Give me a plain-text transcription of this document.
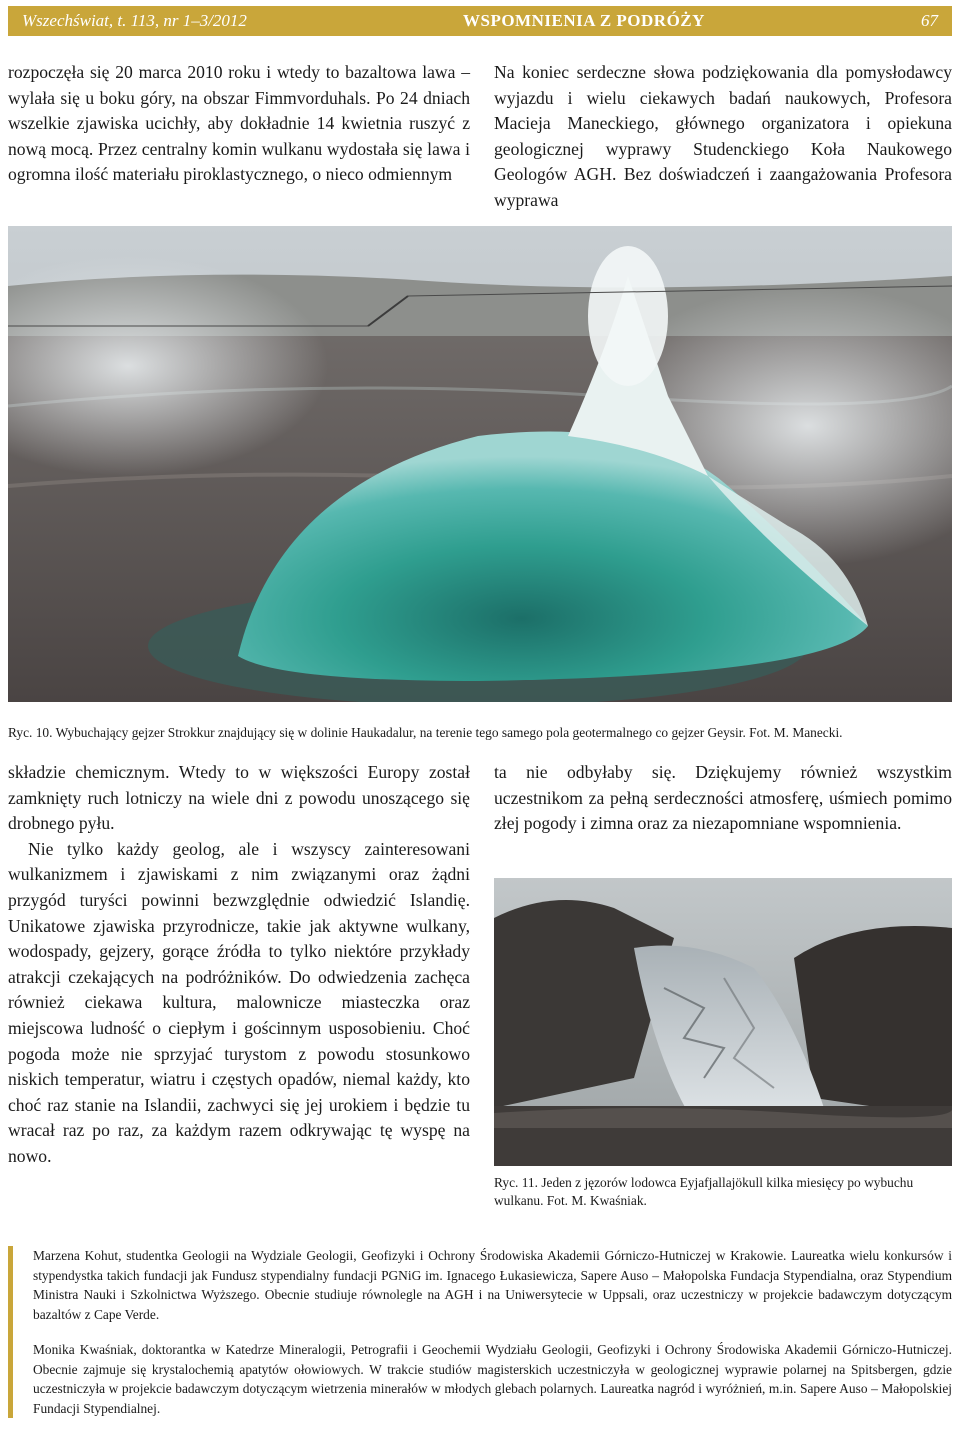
Wszechświat, t. 113, nr 1–3/2012	WSPOMNIENIA Z PODRÓŻY	67

rozpoczęła się 20 marca 2010 roku i wtedy to bazaltowa lawa – wylała się u boku góry, na obszar Fimmvorduhals. Po 24 dniach wszelkie zjawiska ucichły, aby dokładnie 14 kwietnia ruszyć z nową mocą. Przez centralny komin wulkanu wydostała się lawa i ogromna ilość materiału piroklastycznego, o nieco odmiennym

Na koniec serdeczne słowa podziękowania dla pomysłodawcy wyjazdu i wielu ciekawych badań naukowych, Profesora Macieja Maneckiego, głównego organizatora i opiekuna geologicznej wyprawy Studenckiego Koła Naukowego Geologów AGH. Bez doświadczeń i zaangażowania Profesora wyprawa

Ryc. 10. Wybuchający gejzer Strokkur znajdujący się w dolinie Haukadalur, na terenie tego samego pola geotermalnego co gejzer Geysir. Fot. M. Manecki.

składzie chemicznym. Wtedy to w większości Europy został zamknięty ruch lotniczy na wiele dni z powodu unoszącego się drobnego pyłu.

Nie tylko każdy geolog, ale i wszyscy zainteresowani wulkanizmem i zjawiskami z nim związanymi oraz żądni przygód turyści powinni bezwzględnie odwiedzić Islandię. Unikatowe zjawiska przyrodnicze, takie jak aktywne wulkany, wodospady, gejzery, gorące źródła to tylko niektóre przykłady atrakcji czekających na podróżników. Do odwiedzenia zachęca również ciekawa kultura, malownicze miasteczka oraz miejscowa ludność o ciepłym i gościnnym usposobieniu. Choć pogoda może nie sprzyjać turystom z powodu stosunkowo niskich temperatur, wiatru i częstych opadów, niemal każdy, kto choć raz stanie na Islandii, zachwyci się jej urokiem i będzie tu wracał raz po raz, za każdym razem odkrywając tę wyspę na nowo.

ta nie odbyłaby się. Dziękujemy również wszystkim uczestnikom za pełną serdeczności atmosferę, uśmiech pomimo złej pogody i zimna oraz za niezapomniane wspomnienia.

Ryc. 11. Jeden z jęzorów lodowca Eyjafjallajökull kilka miesięcy po wybuchu wulkanu. Fot. M. Kwaśniak.

Marzena Kohut, studentka Geologii na Wydziale Geologii, Geofizyki i Ochrony Środowiska Akademii Górniczo-Hutniczej w Krakowie. Laureatka wielu konkursów i stypendystka takich fundacji jak Fundusz stypendialny fundacji PGNiG im. Ignacego Łukasiewicza, Sapere Auso – Małopolska Fundacja Stypendialna, oraz Stypendium Ministra Nauki i Szkolnictwa Wyższego. Obecnie studiuje równolegle na AGH i na Uniwersytecie w Uppsali, oraz uczestniczy w projekcie badawczym dotyczącym bazaltów z Cape Verde.

Monika Kwaśniak, doktorantka w Katedrze Mineralogii, Petrografii i Geochemii Wydziału Geologii, Geofizyki i Ochrony Środowiska Akademii Górniczo-Hutniczej. Obecnie zajmuje się krystalochemią apatytów ołowiowych. W trakcie studiów magisterskich uczestniczyła w geologicznej wyprawie polarnej na Spitsbergen, gdzie uczestniczyła w projekcie badawczym dotyczącym wietrzenia minerałów w młodych glebach polarnych. Laureatka nagród i wyróżnień, m.in. Sapere Auso – Małopolskiej Fundacji Stypendialnej.
